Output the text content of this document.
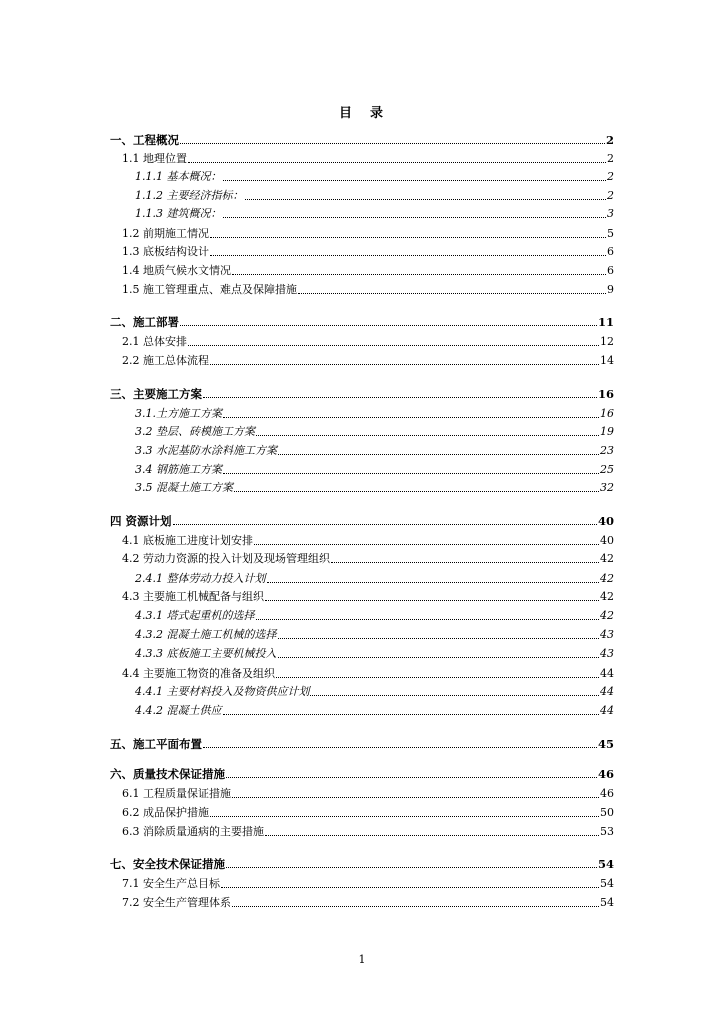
目 录
一、工程概况	2
1.1 地理位置	2
1.1.1 基本概况：	2
1.1.2 主要经济指标：	2
1.1.3 建筑概况：	3
1.2 前期施工情况	5
1.3 底板结构设计	6
1.4 地质气候水文情况	6
1.5 施工管理重点、难点及保障措施	9
二、施工部署	11
2.1 总体安排	12
2.2 施工总体流程	14
三、主要施工方案	16
3.1.土方施工方案	16
3.2 垫层、砖模施工方案	19
3.3 水泥基防水涂料施工方案	23
3.4 钢筋施工方案	25
3.5 混凝土施工方案	32
四 资源计划	40
4.1 底板施工进度计划安排	40
4.2 劳动力资源的投入计划及现场管理组织	42
2.4.1 整体劳动力投入计划	42
4.3 主要施工机械配备与组织	42
4.3.1 塔式起重机的选择	42
4.3.2 混凝土施工机械的选择	43
4.3.3 底板施工主要机械投入	43
4.4 主要施工物资的准备及组织	44
4.4.1 主要材料投入及物资供应计划	44
4.4.2 混凝土供应	44
五、施工平面布置	45
六、质量技术保证措施	46
6.1 工程质量保证措施	46
6.2 成品保护措施	50
6.3 消除质量通病的主要措施	53
七、安全技术保证措施	54
7.1 安全生产总目标	54
7.2 安全生产管理体系	54
1
